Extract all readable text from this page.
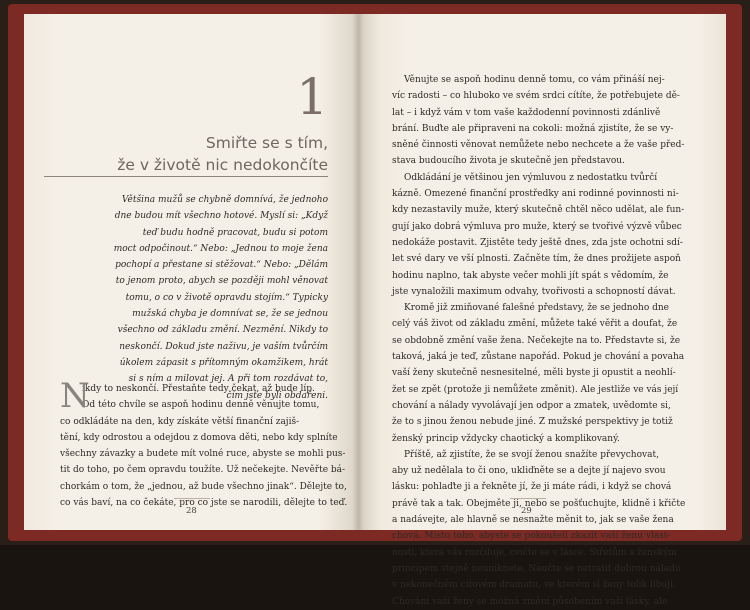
1
Smiřte se s tím,
že v životě nic nedokončíte
Většina mužů se chybně domnívá, že jednoho
dne budou mít všechno hotové. Myslí si: „Když
teď budu hodně pracovat, budu si potom
moct odpočinout.“ Nebo: „Jednou to moje žena
pochopí a přestane si stěžovat.“ Nebo: „Dělám
to jenom proto, abych se později mohl věnovat
tomu, o co v životě opravdu stojím.“ Typicky
mužská chyba je domnívat se, že se jednou
všechno od základu změní. Nezmění. Nikdy to
neskončí. Dokud jste naživu, je vaším tvůrčím
úkolem zápasit s přítomným okamžikem, hrát
si s ním a milovat jej. A při tom rozdávat to,
čím jste byli obdařeni.
N
ikdy to neskončí. Přestaňte tedy čekat, až bude líp.
Od této chvíle se aspoň hodinu denně věnujte tomu,
co odkládáte na den, kdy získáte větší finanční zajiš-
tění, kdy odrostou a odejdou z domova děti, nebo kdy splníte
všechny závazky a budete mít volné ruce, abyste se mohli pus-
tit do toho, po čem opravdu toužíte. Už nečekejte. Nevěřte bá-
chorkám o tom, že „jednou, až bude všechno jinak“. Dělejte to,
co vás baví, na co čekáte, pro co jste se narodili, dělejte to teď.
28
Věnujte se aspoň hodinu denně tomu, co vám přináší nej-
víc radosti – co hluboko ve svém srdci cítíte, že potřebujete dě-
lat – i když vám v tom vaše každodenní povinnosti zdánlivě
brání. Buďte ale připraveni na cokoli: možná zjistíte, že se vy-
sněné činnosti věnovat nemůžete nebo nechcete a že vaše před-
stava budoucího života je skutečně jen představou.
Odkládání je většinou jen výmluvou z nedostatku tvůrčí
kázně. Omezené finanční prostředky ani rodinné povinnosti ni-
kdy nezastavily muže, který skutečně chtěl něco udělat, ale fun-
gují jako dobrá výmluva pro muže, který se tvořivé výzvě vůbec
nedokáže postavit. Zjistěte tedy ještě dnes, zda jste ochotni sdí-
let své dary ve vší plnosti. Začněte tím, že dnes prožijete aspoň
hodinu naplno, tak abyste večer mohli jít spát s vědomím, že
jste vynaložili maximum odvahy, tvořivosti a schopností dávat.
Kromě již zmiňované falešné představy, že se jednoho dne
celý váš život od základu změní, můžete také věřit a doufat, že
se obdobně změní vaše žena. Nečekejte na to. Představte si, že
taková, jaká je teď, zůstane napořád. Pokud je chování a povaha
vaší ženy skutečně nesnesitelné, měli byste ji opustit a neohlí-
žet se zpět (protože ji nemůžete změnit). Ale jestliže ve vás její
chování a nálady vyvolávají jen odpor a zmatek, uvědomte si,
že to s jinou ženou nebude jiné. Z mužské perspektivy je totiž
ženský princip vždycky chaotický a komplikovaný.
Příště, až zjistíte, že se svojí ženou snažíte převychovat,
aby už nedělala to či ono, ukliďněte se a dejte jí najevo svou
lásku: pohlaďte ji a řekněte jí, že ji máte rádi, i když se chová
právě tak a tak. Obejměte ji, nebo se pošťuchujte, klidně i křičte
a nadávejte, ale hlavně se nesnažte měnit to, jak se vaše žena
chová. Místo toho, abyste se pokoušeli zkazit vaší ženu vlast-
nosti, která vás rozčiluje, cvičte se v lásce. Střetům s ženským
principem stejně neuniknete. Naučte se netratit dobrou náladu
v nekonečném citovém dramatu, ve kterém si ženy tolik libují.
Chování vaší ženy se možná změní působením vaší lásky, ale
29
